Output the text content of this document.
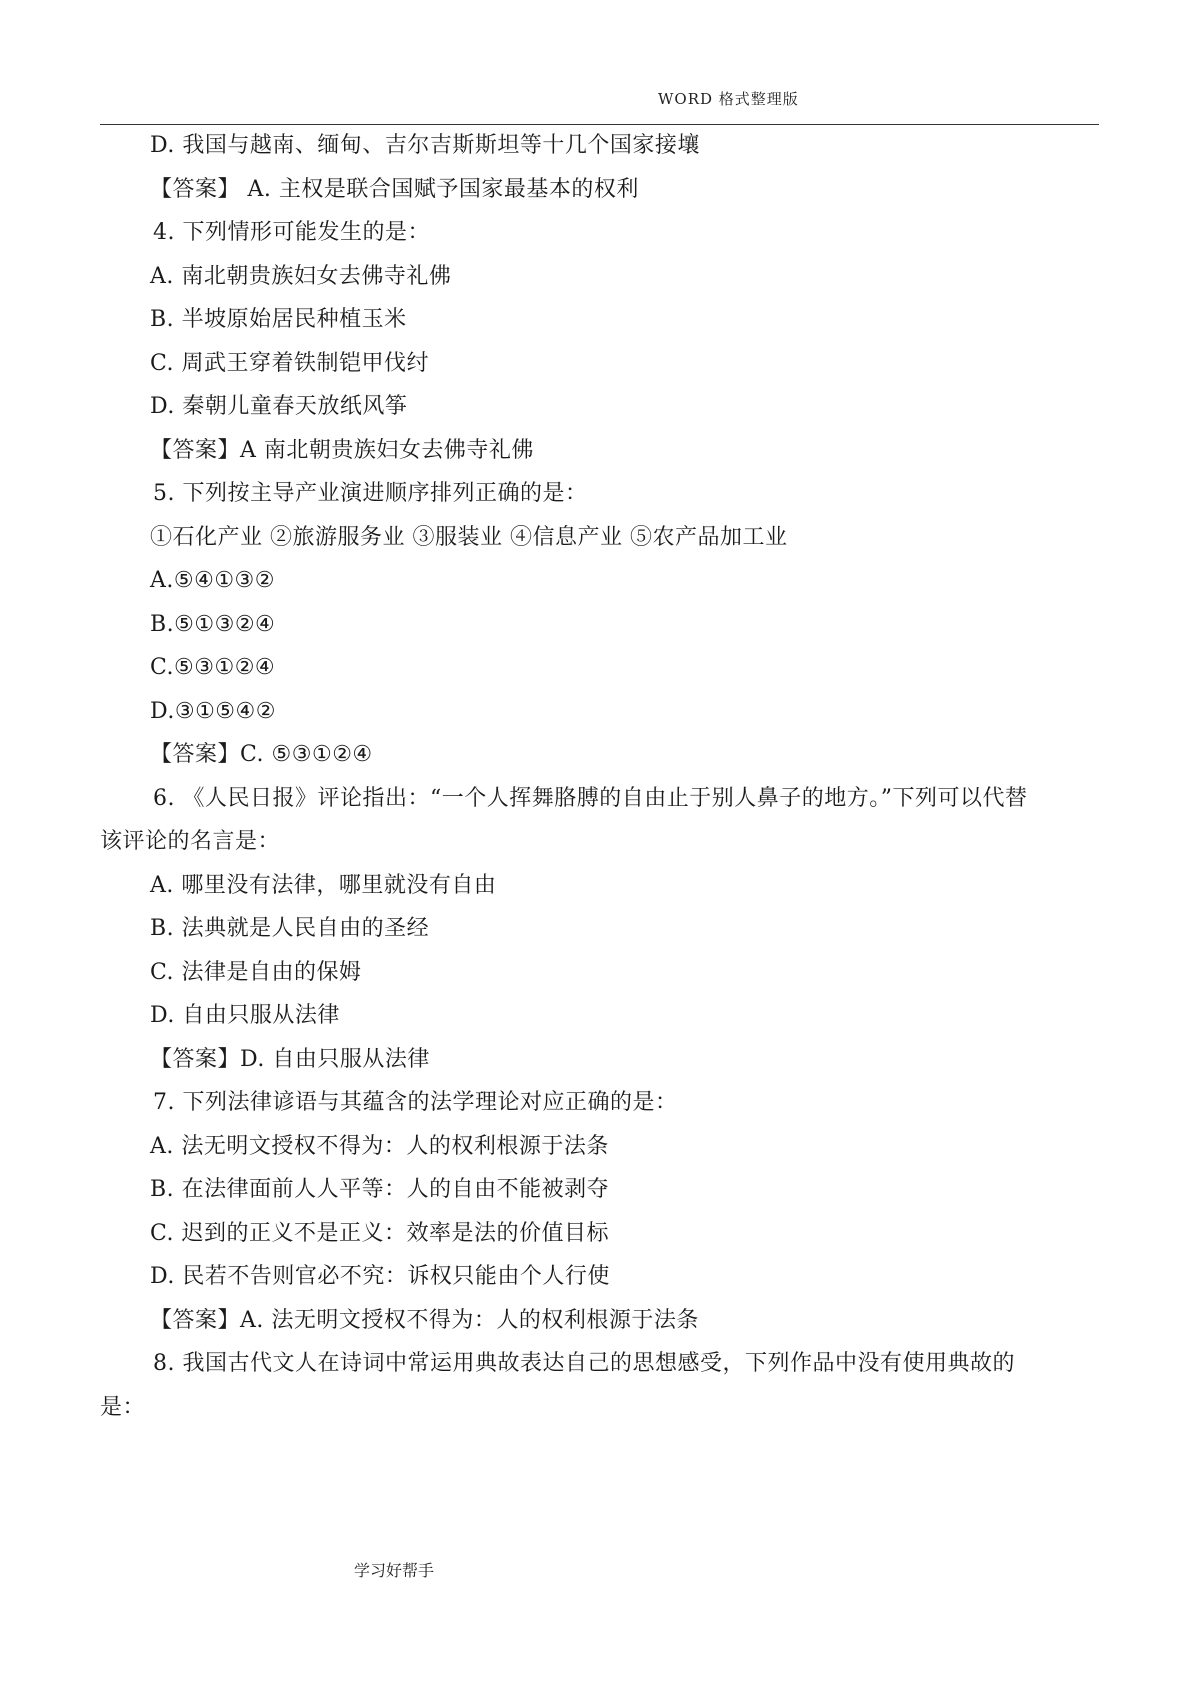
WORD 格式整理版
D. 我国与越南、缅甸、吉尔吉斯斯坦等十几个国家接壤
【答案】 A. 主权是联合国赋予国家最基本的权利
4. 下列情形可能发生的是：
A. 南北朝贵族妇女去佛寺礼佛
B. 半坡原始居民种植玉米
C. 周武王穿着铁制铠甲伐纣
D. 秦朝儿童春天放纸风筝
【答案】A 南北朝贵族妇女去佛寺礼佛
5. 下列按主导产业演进顺序排列正确的是：
①石化产业 ②旅游服务业 ③服装业 ④信息产业 ⑤农产品加工业
A.⑤④①③②
B.⑤①③②④
C.⑤③①②④
D.③①⑤④②
【答案】C. ⑤③①②④
6. 《人民日报》评论指出：“一个人挥舞胳膊的自由止于别人鼻子的地方。”下列可以代替
该评论的名言是：
A. 哪里没有法律，哪里就没有自由
B. 法典就是人民自由的圣经
C. 法律是自由的保姆
D. 自由只服从法律
【答案】D. 自由只服从法律
7. 下列法律谚语与其蕴含的法学理论对应正确的是：
A. 法无明文授权不得为：人的权利根源于法条
B. 在法律面前人人平等：人的自由不能被剥夺
C. 迟到的正义不是正义：效率是法的价值目标
D. 民若不告则官必不究：诉权只能由个人行使
【答案】A. 法无明文授权不得为：人的权利根源于法条
8. 我国古代文人在诗词中常运用典故表达自己的思想感受，下列作品中没有使用典故的
是：
学习好帮手
